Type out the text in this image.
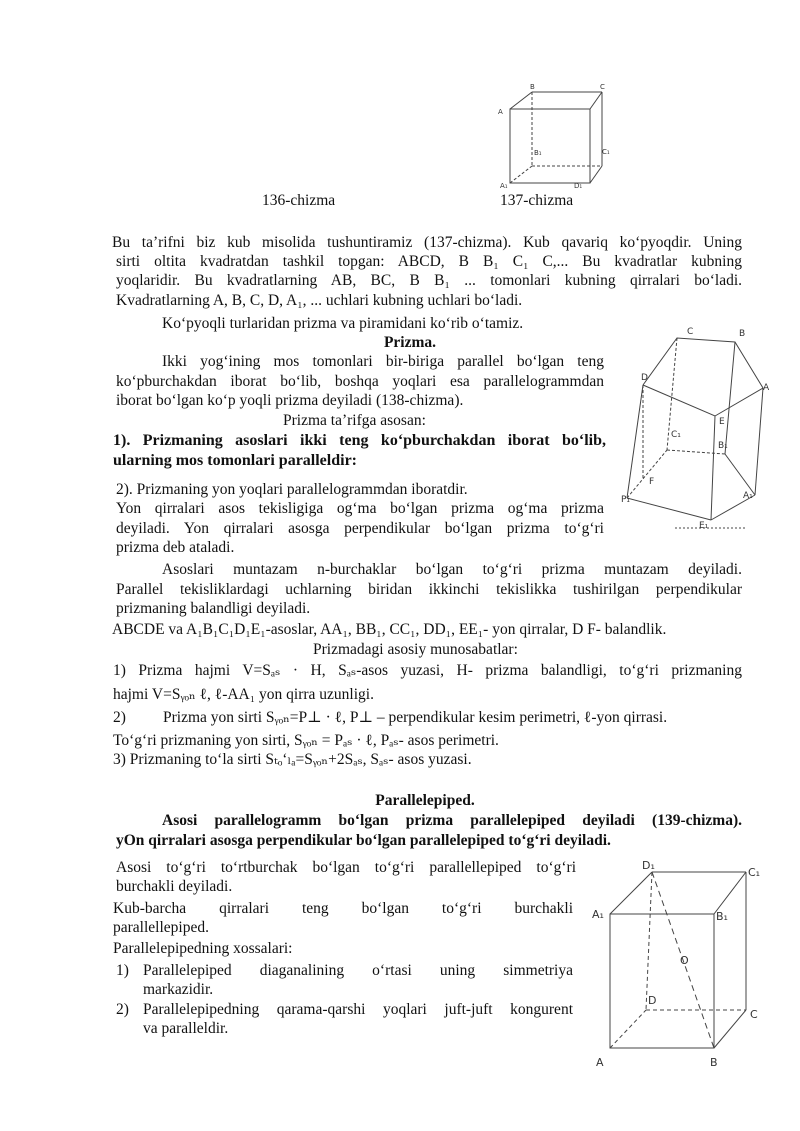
A
B	C
B₁	C₁
A₁	D₁
136-chizma	137-chizma
Bu ta’rifni biz kub misolida tushuntiramiz (137-chizma). Kub qavariq ko‘pyoqdir. Uning
sirti oltita kvadratdan tashkil topgan: ABCD, B B₁ C₁ C,... Bu kvadratlar kubning
yoqlaridir. Bu kvadratlarning AB, BC, B B₁ ... tomonlari kubning qirralari bo‘ladi.
Kvadratlarning A, B, C, D, A₁, ... uchlari kubning uchlari bo‘ladi.
Ko‘pyoqli turlaridan prizma va piramidani ko‘rib o‘tamiz.
Prizma.
C	B
D
A
E
C₁
B₁
F
P₁	A₁
E₁
Ikki yog‘ining mos tomonlari bir-biriga parallel bo‘lgan teng
ko‘pburchakdan iborat bo‘lib, boshqa yoqlari esa parallelogrammdan
iborat bo‘lgan ko‘p yoqli prizma deyiladi (138-chizma).
Prizma ta’rifga asosan:
1). Prizmaning asoslari ikki teng ko‘pburchakdan iborat bo‘lib,
ularning mos tomonlari paralleldir:
2). Prizmaning yon yoqlari parallelogrammdan iboratdir.
Yon qirralari asos tekisligiga og‘ma bo‘lgan prizma og‘ma prizma
deyiladi. Yon qirralari asosga perpendikular bo‘lgan prizma to‘g‘ri
prizma deb ataladi.
Asoslari muntazam n-burchaklar bo‘lgan to‘g‘ri prizma muntazam deyiladi.
Parallel tekisliklardagi uchlarning biridan ikkinchi tekislikka tushirilgan perpendikular
prizmaning balandligi deyiladi.
ABCDE va A₁B₁C₁D₁E₁-asoslar, AA₁, BB₁, CC₁, DD₁, EE₁- yon qirralar, D F- balandlik.
Prizmadagi asosiy munosabatlar:
1) Prizma hajmi V=Sₐₛ · H, Sₐₛ-asos yuzasi, H- prizma balandligi, to‘g‘ri prizmaning
hajmi V=Sᵧₒₙ ℓ, ℓ-AA₁ yon qirra uzunligi.
2) Prizma yon sirti Sᵧₒₙ=P⊥ · ℓ, P⊥ – perpendikular kesim perimetri, ℓ-yon qirrasi.
To‘g‘ri prizmaning yon sirti, Sᵧₒₙ = Pₐₛ · ℓ, Pₐₛ- asos perimetri.
3) Prizmaning to‘la sirti Sₜₒ‘ₗₐ=Sᵧₒₙ+2Sₐₛ, Sₐₛ- asos yuzasi.
Parallelepiped.
Asosi parallelogramm bo‘lgan prizma parallelepiped deyiladi (139-chizma).
yOn qirralari asosga perpendikular bo‘lgan parallelepiped to‘g‘ri deyiladi.
D₁
C₁
A₁	B₁
O
D
C
A	B
Asosi to‘g‘ri to‘rtburchak bo‘lgan to‘g‘ri parallellepiped to‘g‘ri
burchakli deyiladi.
Kub-barcha qirralari teng bo‘lgan to‘g‘ri burchakli
parallellepiped.
Parallelepipedning xossalari:
1) Parallelepiped diaganalining o‘rtasi uning simmetriya
markazidir.
2) Parallelepipedning qarama-qarshi yoqlari juft-juft kongurent
va paralleldir.
